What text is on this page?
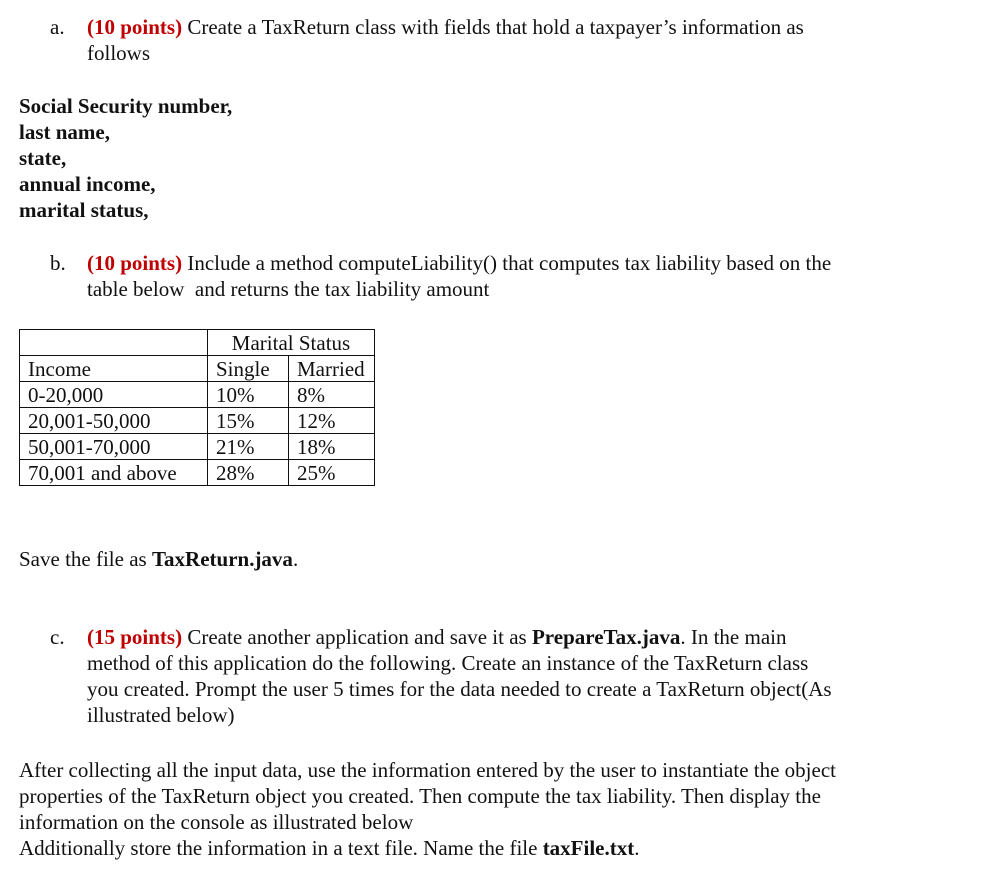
a. (10 points) Create a TaxReturn class with fields that hold a taxpayer’s information as
follows
Social Security number,
last name,
state,
annual income,
marital status,
b. (10 points) Include a method computeLiability() that computes tax liability based on the
table below  and returns the tax liability amount
	Marital Status	
Income	Single	Married
0-20,000	10%	8%
20,001-50,000	15%	12%
50,001-70,000	21%	18%
70,001 and above	28%	25%
Save the file as TaxReturn.java.
c. (15 points) Create another application and save it as PrepareTax.java. In the main
method of this application do the following. Create an instance of the TaxReturn class
you created. Prompt the user 5 times for the data needed to create a TaxReturn object(As
illustrated below)
After collecting all the input data, use the information entered by the user to instantiate the object
properties of the TaxReturn object you created. Then compute the tax liability. Then display the
information on the console as illustrated below
Additionally store the information in a text file. Name the file taxFile.txt.
